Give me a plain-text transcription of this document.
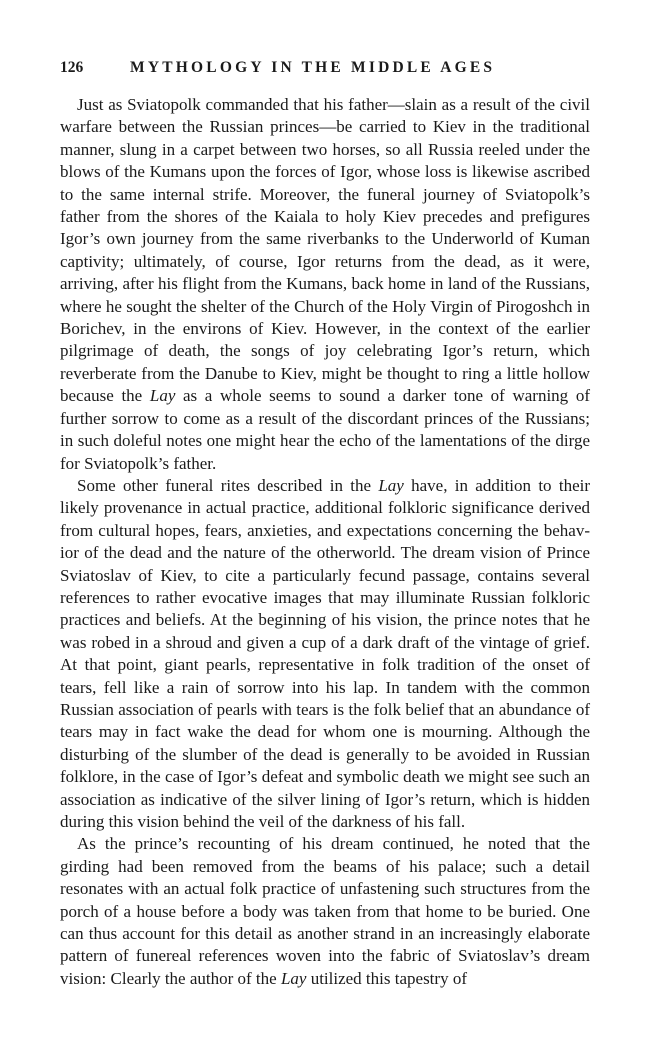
126	MYTHOLOGY IN THE MIDDLE AGES

Just as Sviatopolk commanded that his father—slain as a result of the civil warfare between the Russian princes—be carried to Kiev in the traditional manner, slung in a carpet between two horses, so all Russia reeled under the blows of the Kumans upon the forces of Igor, whose loss is likewise ascribed to the same internal strife. Moreover, the funeral journey of Sviatopolk’s father from the shores of the Kaiala to holy Kiev precedes and prefigures Igor’s own journey from the same riverbanks to the Underworld of Kuman captivity; ultimately, of course, Igor returns from the dead, as it were, arriving, after his flight from the Kumans, back home in land of the Russians, where he sought the shelter of the Church of the Holy Virgin of Pirogoshch in Borichev, in the environs of Kiev. However, in the context of the earlier pilgrimage of death, the songs of joy celebrating Igor’s return, which reverberate from the Danube to Kiev, might be thought to ring a little hollow because the Lay as a whole seems to sound a darker tone of warning of further sorrow to come as a result of the discordant princes of the Russians; in such doleful notes one might hear the echo of the lamentations of the dirge for Sviatopolk’s father.

Some other funeral rites described in the Lay have, in addition to their likely provenance in actual practice, additional folkloric significance derived from cultural hopes, fears, anxieties, and expectations concerning the behavior of the dead and the nature of the otherworld. The dream vision of Prince Sviatoslav of Kiev, to cite a particularly fecund passage, contains several references to rather evocative images that may illuminate Russian folkloric practices and beliefs. At the beginning of his vision, the prince notes that he was robed in a shroud and given a cup of a dark draft of the vintage of grief. At that point, giant pearls, representative in folk tradition of the onset of tears, fell like a rain of sorrow into his lap. In tandem with the common Russian association of pearls with tears is the folk belief that an abundance of tears may in fact wake the dead for whom one is mourning. Although the disturbing of the slumber of the dead is generally to be avoided in Russian folklore, in the case of Igor’s defeat and symbolic death we might see such an association as indicative of the silver lining of Igor’s return, which is hidden during this vision behind the veil of the darkness of his fall.

As the prince’s recounting of his dream continued, he noted that the girding had been removed from the beams of his palace; such a detail resonates with an actual folk practice of unfastening such structures from the porch of a house before a body was taken from that home to be buried. One can thus account for this detail as another strand in an increasingly elaborate pattern of funereal references woven into the fabric of Sviatoslav’s dream vision: Clearly the author of the Lay utilized this tapestry of
